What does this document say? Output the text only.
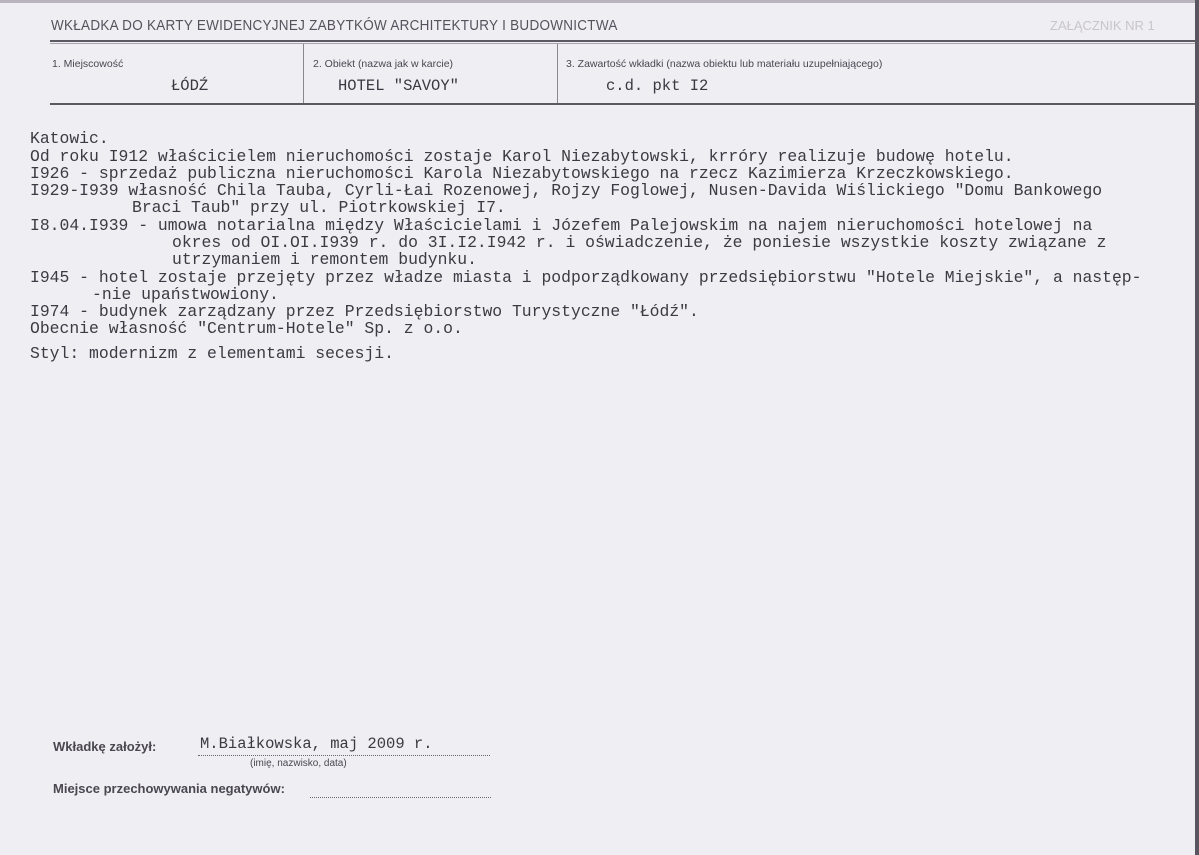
WKŁADKA DO KARTY EWIDENCYJNEJ ZABYTKÓW ARCHITEKTURY I BUDOWNICTWA	ZAŁĄCZNIK NR 1
1. Miejscowość
ŁÓDŹ
2. Obiekt (nazwa jak w karcie)
HOTEL "SAVOY"
3. Zawartość wkładki (nazwa obiektu lub materiału uzupełniającego)
c.d. pkt I2
Katowic.
Od roku I912 właścicielem nieruchomości zostaje Karol Niezabytowski, krróry realizuje budowę hotelu.
I926 - sprzedaż publiczna nieruchomości Karola Niezabytowskiego na rzecz Kazimierza Krzeczkowskiego.
I929-I939 własność Chila Tauba, Cyrli-Łai Rozenowej, Rojzy Foglowej, Nusen-Davida Wiślickiego "Domu Bankowego
Braci Taub" przy ul. Piotrkowskiej I7.
I8.04.I939 - umowa notarialna między Właścicielami i Józefem Palejowskim na najem nieruchomości hotelowej na
okres od OI.OI.I939 r. do 3I.I2.I942 r. i oświadczenie, że poniesie wszystkie koszty związane z
utrzymaniem i remontem budynku.
I945 - hotel zostaje przejęty przez władze miasta i podporządkowany przedsiębiorstwu "Hotele Miejskie", a następ-
-nie upaństwowiony.
I974 - budynek zarządzany przez Przedsiębiorstwo Turystyczne "Łódź".
Obecnie własność "Centrum-Hotele" Sp. z o.o.
Styl: modernizm z elementami secesji.
Wkładkę założył:	M.Białkowska, maj 2009 r.
(imię, nazwisko, data)
Miejsce przechowywania negatywów:
